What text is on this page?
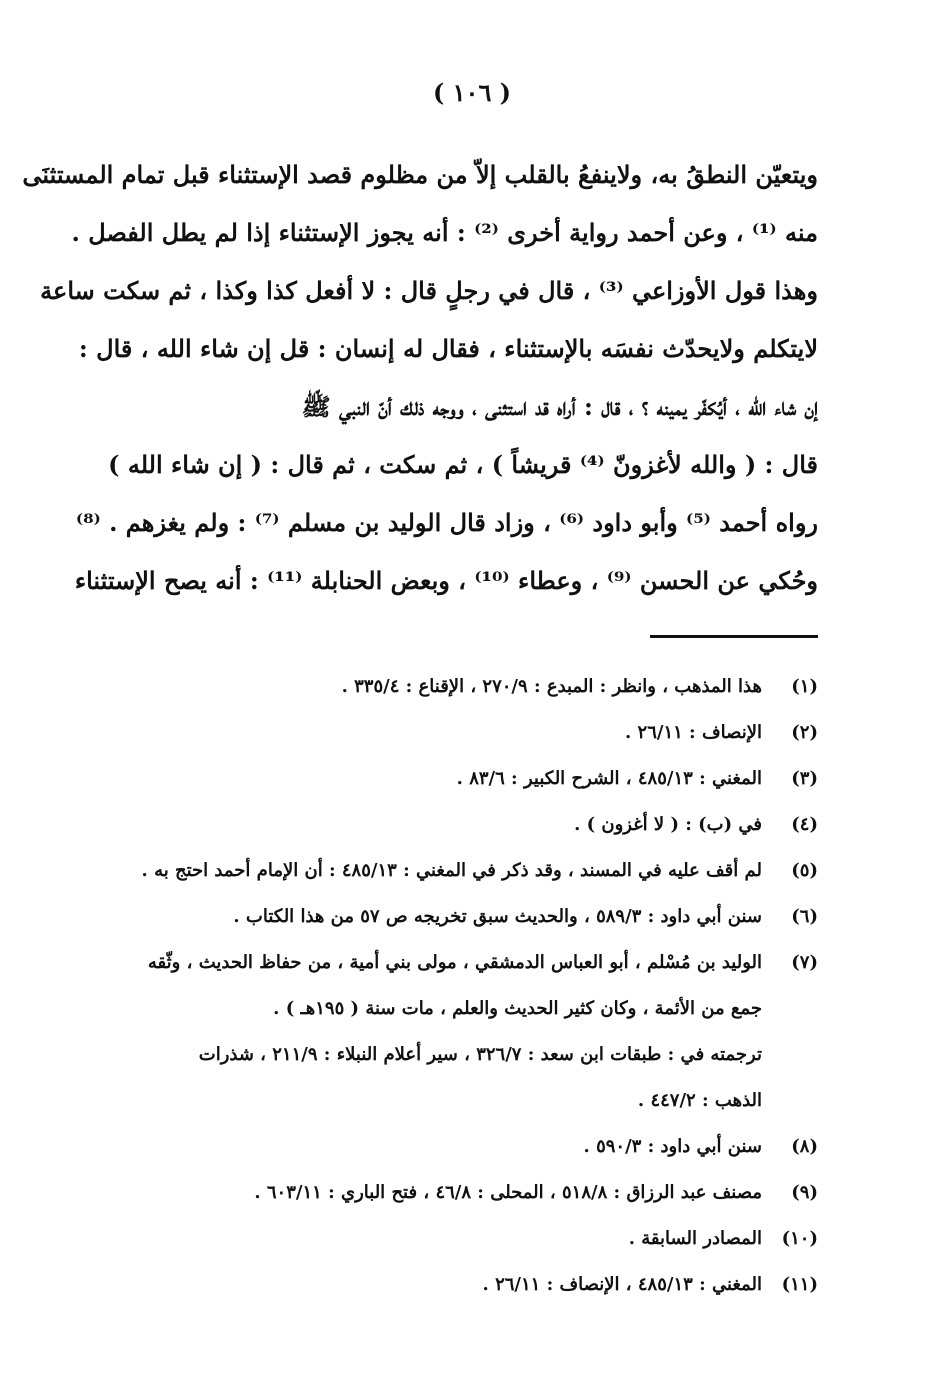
( ١٠٦ )
ويتعيّن النطقُ به، ولاينفعُ بالقلب إلاّ من مظلوم قصد الإستثناء قبل تمام المستثنَى
منه ⁽¹⁾ ، وعن أحمد رواية أخرى ⁽²⁾ : أنه يجوز الإستثناء إذا لم يطل الفصل .
وهذا قول الأوزاعي ⁽³⁾ ، قال في رجلٍ قال : لا أفعل كذا وكذا ، ثم سكت ساعة
لايتكلم ولايحدّث نفسَه بالإستثناء ، فقال له إنسان : قل إن شاء الله ، قال :
إن شاء الله ، أيُكفّر يمينه ؟ ، قال : أراه قد استثنى ، ووجه ذلك أنّ النبي ﷺ
قال : ( والله لأغزونّ ⁽⁴⁾ قريشاً ) ، ثم سكت ، ثم قال : ( إن شاء الله )
رواه أحمد ⁽⁵⁾ وأبو داود ⁽⁶⁾ ، وزاد قال الوليد بن مسلم ⁽⁷⁾ : ولم يغزهم . ⁽⁸⁾
وحُكي عن الحسن ⁽⁹⁾ ، وعطاء ⁽¹⁰⁾ ، وبعض الحنابلة ⁽¹¹⁾ : أنه يصح الإستثناء
(١)
هذا المذهب ، وانظر : المبدع : ٢٧٠/٩ ، الإقناع : ٣٣٥/٤ .
(٢)
الإنصاف : ٢٦/١١ .
(٣)
المغني : ٤٨٥/١٣ ، الشرح الكبير : ٨٣/٦ .
(٤)
في (ب) : ( لا أغزون ) .
(٥)
لم أقف عليه في المسند ، وقد ذكر في المغني : ٤٨٥/١٣ : أن الإمام أحمد احتج به .
(٦)
سنن أبي داود : ٥٨٩/٣ ، والحديث سبق تخريجه ص ٥٧ من هذا الكتاب .
(٧)
الوليد بن مُسْلم ، أبو العباس الدمشقي ، مولى بني أمية ، من حفاظ الحديث ، وثّقه
جمع من الأئمة ، وكان كثير الحديث والعلم ، مات سنة ( ١٩٥هـ ) .
ترجمته في : طبقات ابن سعد : ٣٢٦/٧ ، سير أعلام النبلاء : ٢١١/٩ ، شذرات
الذهب : ٤٤٧/٢ .
(٨)
سنن أبي داود : ٥٩٠/٣ .
(٩)
مصنف عبد الرزاق : ٥١٨/٨ ، المحلى : ٤٦/٨ ، فتح الباري : ٦٠٣/١١ .
(١٠)
المصادر السابقة .
(١١)
المغني : ٤٨٥/١٣ ، الإنصاف : ٢٦/١١ .
